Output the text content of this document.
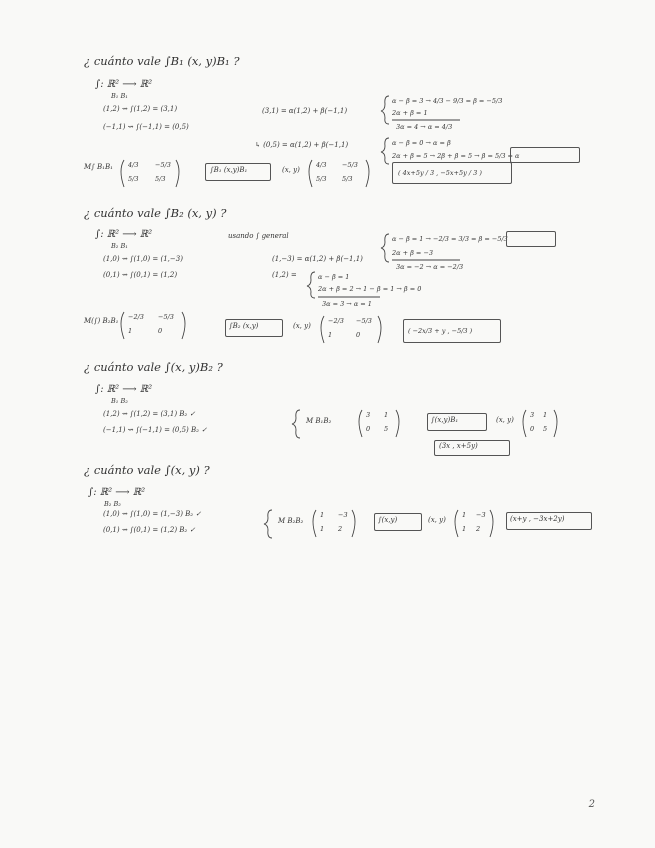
¿ cuánto vale ∫B₁ (x, y)B₁ ?
∫: ℝ² ⟶ ℝ²
B₁ B₁
(1,2) ⇝ ∫(1,2) = (3,1)	(3,1) = α(1,2) + β(−1,1)
(−1,1) ⇝ ∫(−1,1) = (0,5)
↳ (0,5) = α(1,2) + β(−1,1)
α − β = 3 → 4/3 − 9/3 = β = −5/3
2α + β = 1
3α = 4 → α = 4/3
α − β = 0 → α = β
2α + β = 5 → 2β + β = 5 → β = 5/3 = α
M∫ B₁B₁ 4/3	−5/3
5/3	5/3
∫B₁ (x,y)B₁	(x, y)
4/3 −5/3
5/3 5/3
( 4x+5y / 3 , −5x+5y / 3 )
¿ cuánto vale ∫B₂ (x, y) ?
∫: ℝ² ⟶ ℝ²
B₂ B₁
usando ∫ general
(1,0) ⇝ ∫(1,0) = (1,−3)	(1,−3) = α(1,2) + β(−1,1)
(0,1) ⇝ ∫(0,1) = (1,2)	(1,2) =
α − β = 1 → −2/3 = 3/3 = β = −5/3
2α + β = −3
3α = −2 → α = −2/3
α − β = 1
2α + β = 2 → 1 − β = 1 → β = 0
3α = 3 → α = 1
M(∫) B₂B₁ −2/3 −5/3
1	0
∫B₂ (x,y)	(x, y)
−2/3 −5/3
1	0	( −2x/3 + y , −5/3 )
¿ cuánto vale ∫(x, y)B₂ ?
∫: ℝ² ⟶ ℝ²
B₁ B₂
(1,2) ⇝ ∫(1,2) = (3,1) B₂ ✓
(−1,1) ⇝ ∫(−1,1) = (0,5) B₂ ✓
M B₁B₂
3 1
0 5
∫(x,y)B₁	(x, y)
3 1
0 5
(3x , x+5y)
¿ cuánto vale ∫(x, y) ?
∫: ℝ² ⟶ ℝ²
B₂ B₂
(1,0) ⇝ ∫(1,0) = (1,−3) B₂ ✓
(0,1) ⇝ ∫(0,1) = (1,2) B₂ ✓
M B₂B₂
1 −3
1 2
∫(x,y)	(x, y)
1 −3
1 2
(x+y , −3x+2y)
2
